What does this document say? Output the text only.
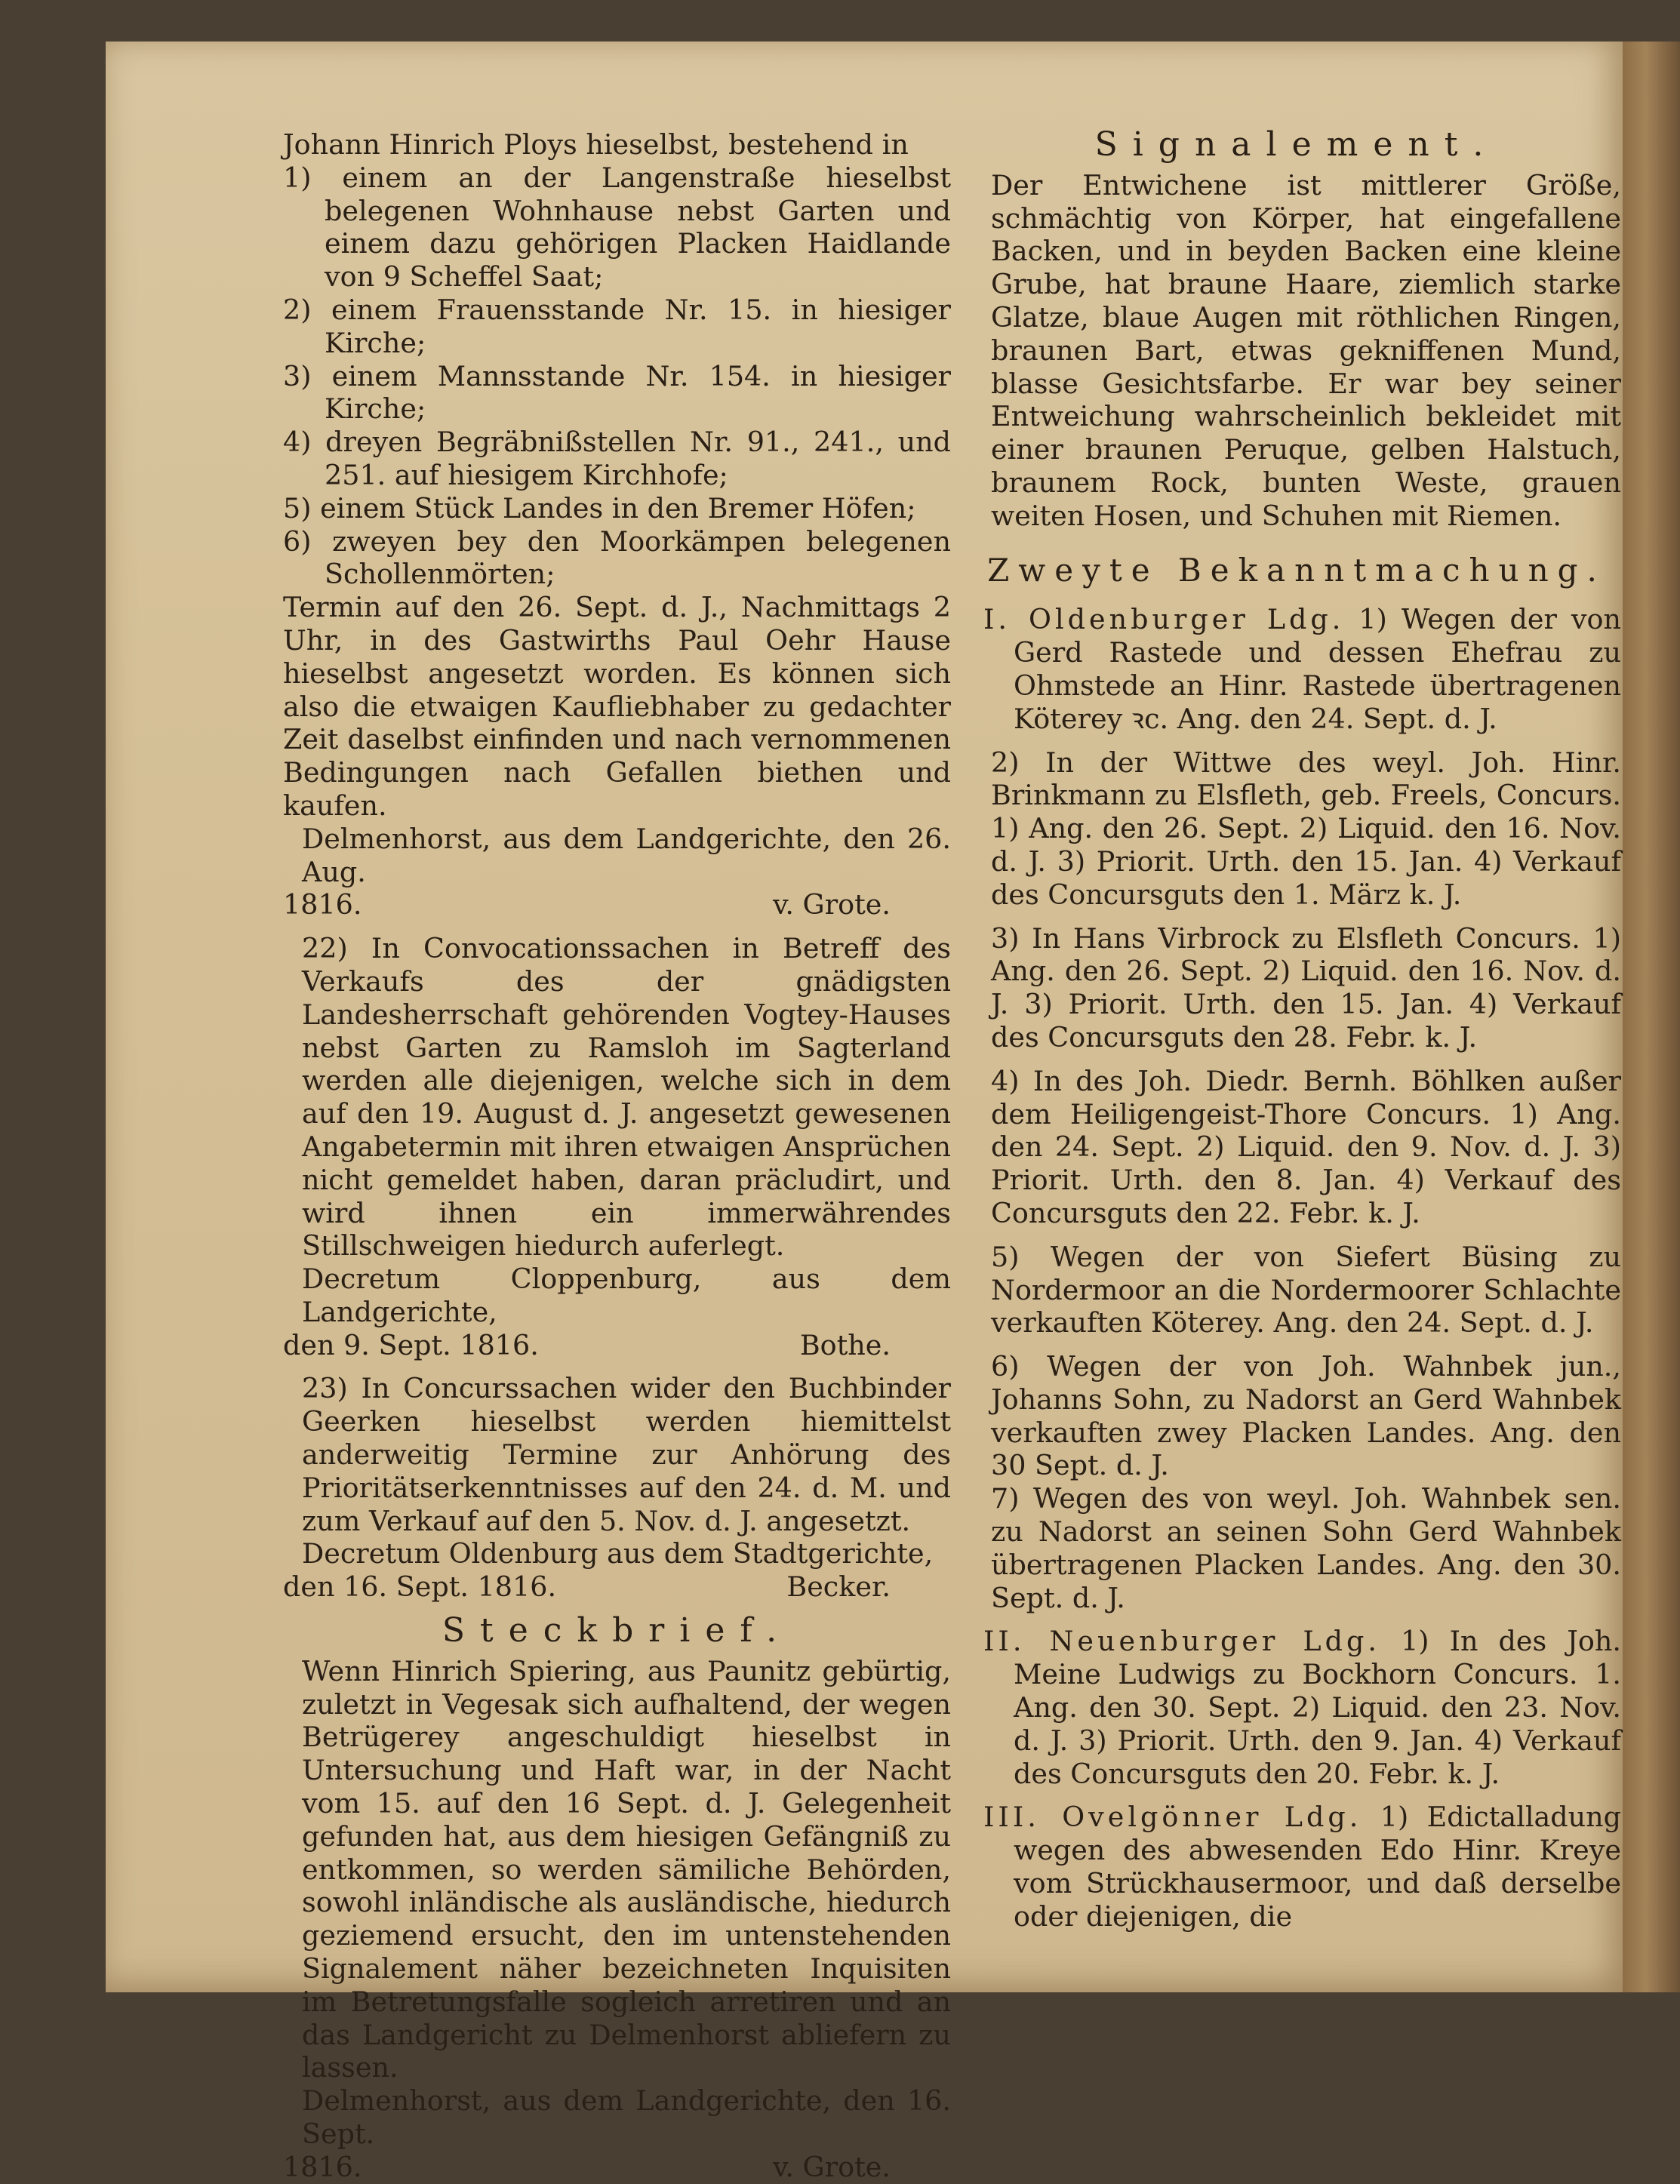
Johann Hinrich Ploys hieselbst, bestehend in

1) einem an der Langenstraße hieselbst belegenen Wohnhause nebst Garten und einem dazu gehörigen Placken Haidlande von 9 Scheffel Saat;

2) einem Frauensstande Nr. 15. in hiesiger Kirche;

3) einem Mannsstande Nr. 154. in hiesiger Kirche;

4) dreyen Begräbnißstellen Nr. 91., 241., und 251. auf hiesigem Kirchhofe;

5) einem Stück Landes in den Bremer Höfen;

6) zweyen bey den Moorkämpen belegenen Schollenmörten;

Termin auf den 26. Sept. d. J., Nachmittags 2 Uhr, in des Gastwirths Paul Oehr Hause hieselbst angesetzt worden. Es können sich also die etwaigen Kaufliebhaber zu gedachter Zeit daselbst einfinden und nach vernommenen Bedingungen nach Gefallen biethen und kaufen.

Delmenhorst, aus dem Landgerichte, den 26. Aug.

1816.	v. Grote.

22) In Convocationssachen in Betreff des Verkaufs des der gnädigsten Landesherrschaft gehörenden Vogtey-Hauses nebst Garten zu Ramsloh im Sagterland werden alle diejenigen, welche sich in dem auf den 19. August d. J. angesetzt gewesenen Angabetermin mit ihren etwaigen Ansprüchen nicht gemeldet haben, daran präcludirt, und wird ihnen ein immerwährendes Stillschweigen hiedurch auferlegt.

Decretum Cloppenburg, aus dem Landgerichte,

den 9. Sept. 1816.	Bothe.

23) In Concurssachen wider den Buchbinder Geerken hieselbst werden hiemittelst anderweitig Termine zur Anhörung des Prioritätserkenntnisses auf den 24. d. M. und zum Verkauf auf den 5. Nov. d. J. angesetzt.

Decretum Oldenburg aus dem Stadtgerichte,

den 16. Sept. 1816.	Becker.
Steckbrief.

Wenn Hinrich Spiering, aus Paunitz gebürtig, zuletzt in Vegesak sich aufhaltend, der wegen Betrügerey angeschuldigt hieselbst in Untersuchung und Haft war, in der Nacht vom 15. auf den 16 Sept. d. J. Gelegenheit gefunden hat, aus dem hiesigen Gefängniß zu entkommen, so werden sämiliche Behörden, sowohl inländische als ausländische, hiedurch geziemend ersucht, den im untenstehenden Signalement näher bezeichneten Inquisiten im Betretungsfalle sogleich arretiren und an das Landgericht zu Delmenhorst abliefern zu lassen.

Delmenhorst, aus dem Landgerichte, den 16. Sept.

1816.	v. Grote.
Signalement.

Der Entwichene ist mittlerer Größe, schmächtig von Körper, hat eingefallene Backen, und in beyden Backen eine kleine Grube, hat braune Haare, ziemlich starke Glatze, blaue Augen mit röthlichen Ringen, braunen Bart, etwas gekniffenen Mund, blasse Gesichtsfarbe. Er war bey seiner Entweichung wahrscheinlich bekleidet mit einer braunen Peruque, gelben Halstuch, braunem Rock, bunten Weste, grauen weiten Hosen, und Schuhen mit Riemen.

Zweyte Bekanntmachung.

I. Oldenburger Ldg. 1) Wegen der von Gerd Rastede und dessen Ehefrau zu Ohmstede an Hinr. Rastede übertragenen Köterey ꝛc. Ang. den 24. Sept. d. J.

2) In der Wittwe des weyl. Joh. Hinr. Brinkmann zu Elsfleth, geb. Freels, Concurs. 1) Ang. den 26. Sept. 2) Liquid. den 16. Nov. d. J. 3) Priorit. Urth. den 15. Jan. 4) Verkauf des Concursguts den 1. März k. J.

3) In Hans Virbrock zu Elsfleth Concurs. 1) Ang. den 26. Sept. 2) Liquid. den 16. Nov. d. J. 3) Priorit. Urth. den 15. Jan. 4) Verkauf des Concursguts den 28. Febr. k. J.

4) In des Joh. Diedr. Bernh. Böhlken außer dem Heiligengeist-Thore Concurs. 1) Ang. den 24. Sept. 2) Liquid. den 9. Nov. d. J. 3) Priorit. Urth. den 8. Jan. 4) Verkauf des Concursguts den 22. Febr. k. J.

5) Wegen der von Siefert Büsing zu Nordermoor an die Nordermoorer Schlachte verkauften Köterey. Ang. den 24. Sept. d. J.

6) Wegen der von Joh. Wahnbek jun., Johanns Sohn, zu Nadorst an Gerd Wahnbek verkauften zwey Placken Landes. Ang. den 30 Sept. d. J.

7) Wegen des von weyl. Joh. Wahnbek sen. zu Nadorst an seinen Sohn Gerd Wahnbek übertragenen Placken Landes. Ang. den 30. Sept. d. J.

II. Neuenburger Ldg. 1) In des Joh. Meine Ludwigs zu Bockhorn Concurs. 1. Ang. den 30. Sept. 2) Liquid. den 23. Nov. d. J. 3) Priorit. Urth. den 9. Jan. 4) Verkauf des Concursguts den 20. Febr. k. J.

III. Ovelgönner Ldg. 1) Edictalladung wegen des abwesenden Edo Hinr. Kreye vom Strückhausermoor, und daß derselbe oder diejenigen, die
